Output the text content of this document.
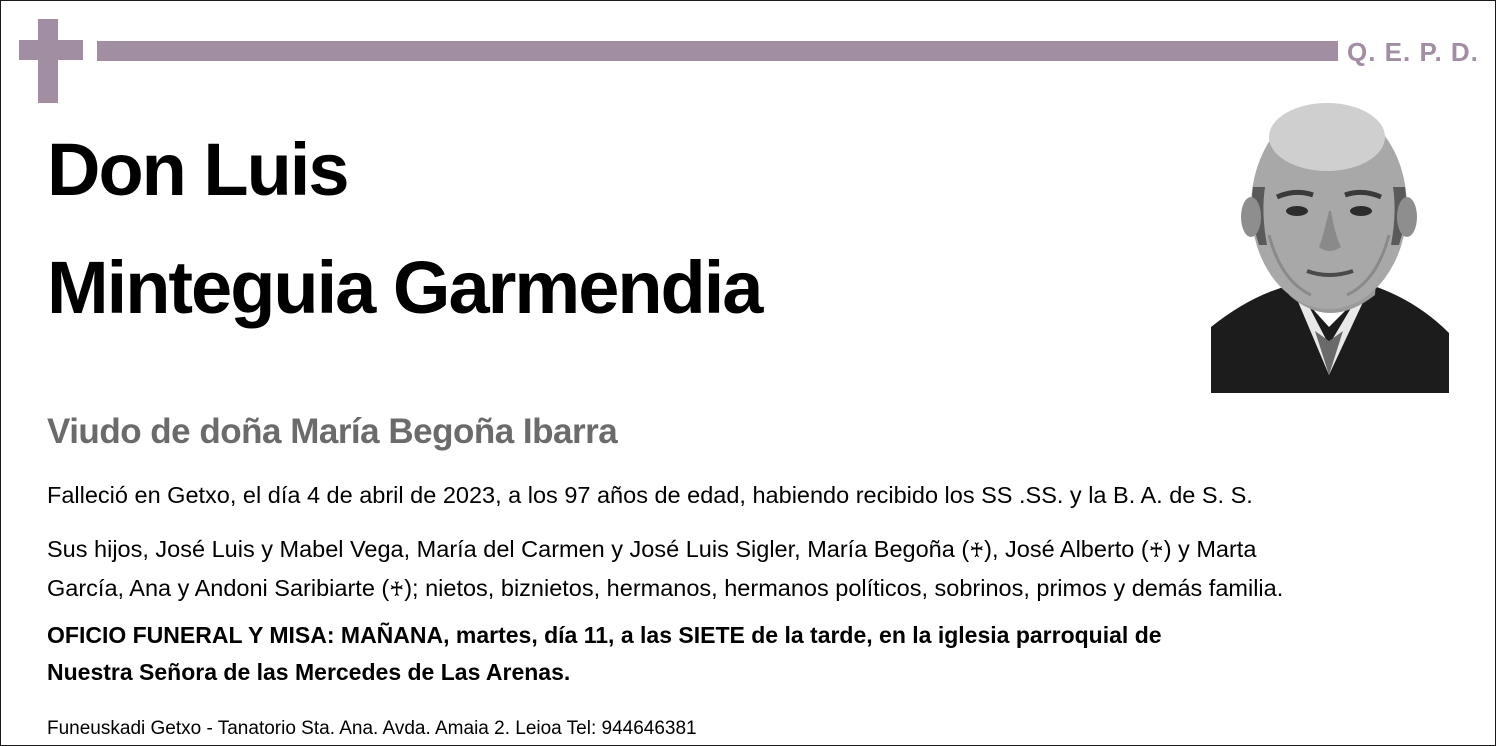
Q. E. P. D.
Don Luis
Minteguia Garmendia
Viudo de doña María Begoña Ibarra
Falleció en Getxo, el día 4 de abril de 2023, a los 97 años de edad, habiendo recibido los SS .SS. y la B. A. de S. S.
Sus hijos, José Luis y Mabel Vega, María del Carmen y José Luis Sigler, María Begoña (♰), José Alberto (♰) y Marta
García, Ana y Andoni Saribiarte (♰); nietos, biznietos, hermanos, hermanos políticos, sobrinos, primos y demás familia.
OFICIO FUNERAL Y MISA: MAÑANA, martes, día 11, a las SIETE de la tarde, en la iglesia parroquial de
Nuestra Señora de las Mercedes de Las Arenas.
Funeuskadi Getxo - Tanatorio Sta. Ana. Avda. Amaia 2. Leioa Tel: 944646381
